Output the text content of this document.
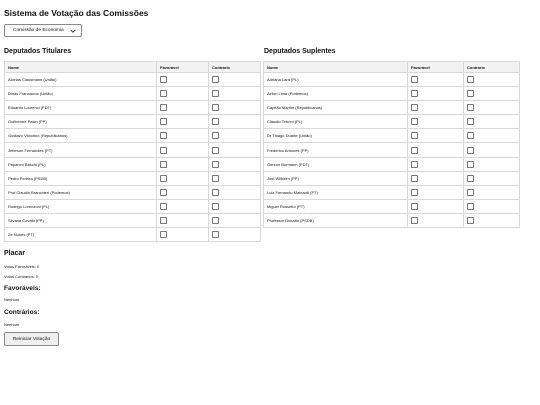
Sistema de Votação das Comissões
Comissão de Economia
Deputados Titulares
Nome	Favorável	Contrário
Alceias Clausmann (União)		
Dinas Franciscos (União)		
Eduardo Lourenci (PDT)		
Guilherme Pasin (PP)		
Gustavo Victorino (Republicanos)		
Jeferson Fernandes (PT)		
Paparico Bacchi (PL)		
Pedro Pereira (PSDB)		
Prof.Claudio Branchieri (Podemos)		
Rodrigo Lorenzoni (PL)		
Silvana Covatti (PP)		
Zé Nunes (PT)		
Deputados Suplentes
Nome	Favorável	Contrário
Adriana Lara (PL)		
Airton Lima (Podemos)		
Capitão Martim (Republicanos)		
Cláudio Tetroni (PL)		
Dr Thiago Duarte (União)		
Frederico Antunes (PP)		
Gerson Burmann (PDT)		
Joel Wilhelm (PP)		
Luiz Fernando Mainardi (PT)		
Miguel Rossetto (PT)		
Professor Bonatto (PSDB)		
Placar

Votos Favoráveis: 0

Votos Contrários: 0

Favoráveis:

Nenhum

Contrários:

Nenhum

Reiniciar Votação
